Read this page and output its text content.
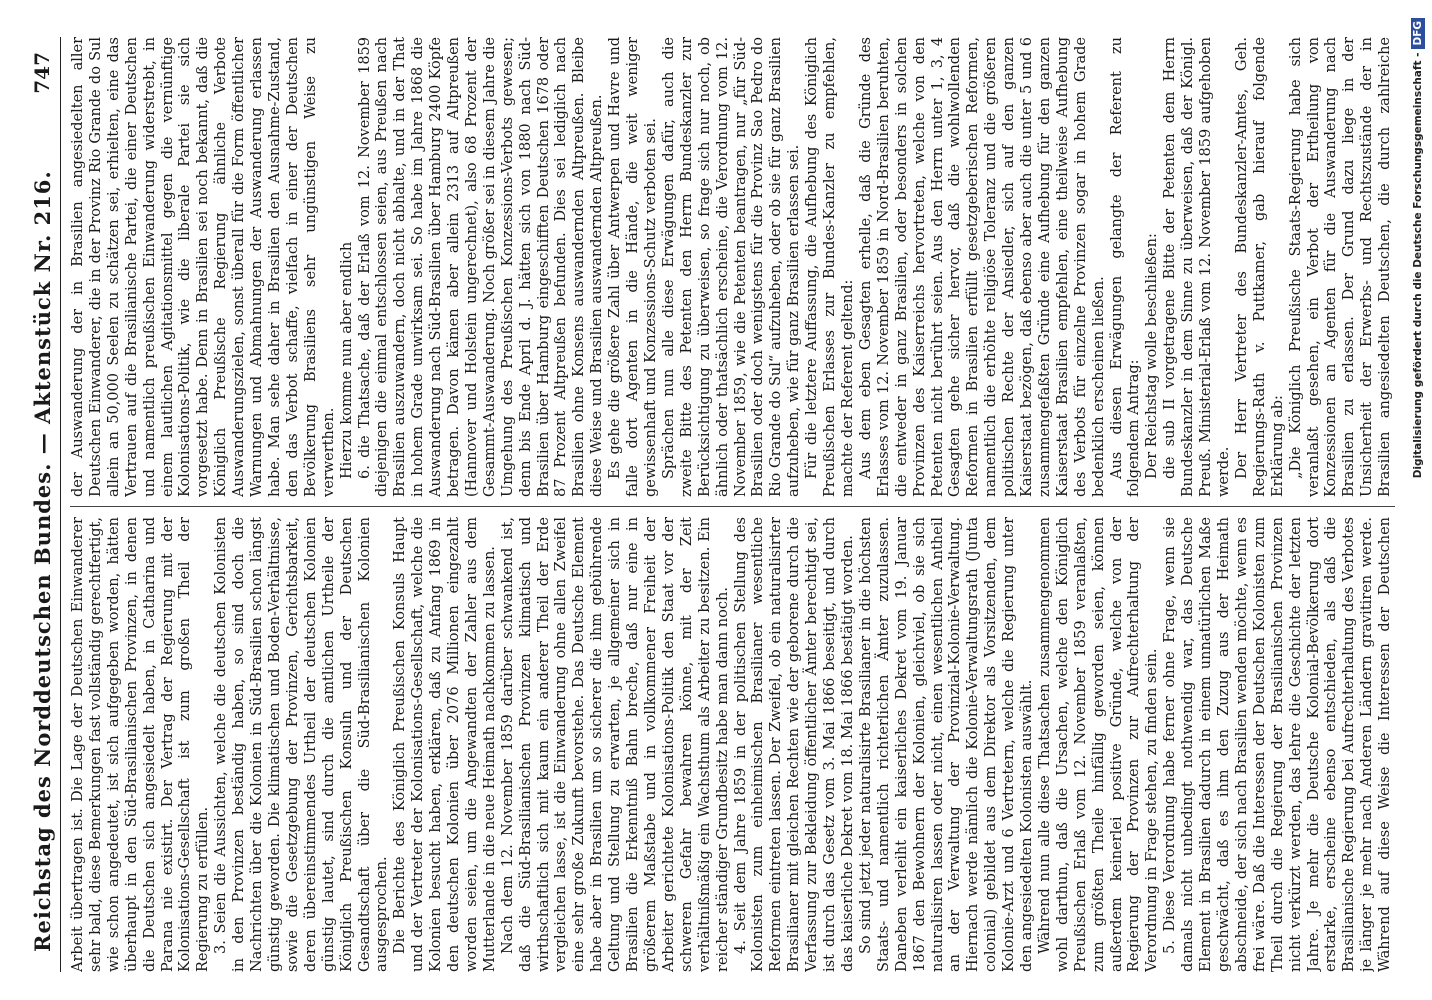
Reichstag des Norddeutschen Bundes. — Aktenstück Nr. 216.
747

Arbeit übertragen ist. Die Lage der Deutschen Einwanderer sehr bald, diese Bemerkungen fast vollständig gerechtfertigt, wie schon angedeutet, ist sich aufgegeben worden, hätten überhaupt in den Süd-Brasilianischen Provinzen, in denen die Deutschen sich angesiedelt haben, in Catharina und Parana nie existirt. Der Vertrag der Regierung mit der Kolonisations-Gesellschaft ist zum großen Theil der Regierung zu erfüllen. 3. Seien die Aussichten, welche die deutschen Kolonisten in den Provinzen beständig haben, so sind doch die Nachrichten über die Kolonien in Süd-Brasilien schon längst günstig geworden. Die klimatischen und Boden-Verhältnisse, sowie die Gesetzgebung der Provinzen, Gerichtsbarkeit, deren übereinstimmendes Urtheil der deutschen Kolonien günstig lautet, sind durch die amtlichen Urtheile der Königlich Preußischen Konsuln und der Deutschen Gesandtschaft über die Süd-Brasilianischen Kolonien ausgesprochen. Die Berichte des Königlich Preußischen Konsuls Haupt und der Vertreter der Kolonisations-Gesellschaft, welche die Kolonien besucht haben, erklären, daß zu Anfang 1869 in den deutschen Kolonien über 2076 Millionen eingezahlt worden seien, um die Angewandten der Zahler aus dem Mutterlande in die neue Heimath nachkommen zu lassen. Nach dem 12. November 1859 darüber schwankend ist, daß die Süd-Brasilianischen Provinzen klimatisch und wirthschaftlich sich mit kaum ein anderer Theil der Erde vergleichen lasse, ist die Einwanderung ohne allen Zweifel eine sehr große Zukunft bevorstehe. Das Deutsche Element habe aber in Brasilien um so sicherer die ihm gebührende Geltung und Stellung zu erwarten, je allgemeiner sich in Brasilien die Erkenntniß Bahn breche, daß nur eine in größerem Maßstabe und in vollkommener Freiheit der Arbeiter gerichtete Kolonisations-Politik den Staat vor der schweren Gefahr bewahren könne, mit der Zeit verhältnißmäßig ein Wachsthum als Arbeiter zu besitzen. Ein reicher ständiger Grundbesitz habe man dann noch. 4. Seit dem Jahre 1859 in der politischen Stellung des Kolonisten zum einheimischen Brasilianer wesentliche Reformen eintreten lassen. Der Zweifel, ob ein naturalisirter Brasilianer mit gleichen Rechten wie der geborene durch die Verfassung zur Bekleidung öffentlicher Ämter berechtigt sei, ist durch das Gesetz vom 3. Mai 1866 beseitigt, und durch das kaiserliche Dekret vom 18. Mai 1866 bestätigt worden. So sind jetzt jeder naturalisirte Brasilianer in die höchsten Staats- und namentlich richterlichen Ämter zuzulassen. Daneben verleiht ein kaiserliches Dekret vom 19. Januar 1867 den Bewohnern der Kolonien, gleichviel, ob sie sich naturalisiren lassen oder nicht, einen wesentlichen Antheil an der Verwaltung der Provinzial-Kolonie-Verwaltung. Hiernach werde nämlich die Kolonie-Verwaltungsrath (Junta colonial) gebildet aus dem Direktor als Vorsitzenden, dem Kolonie-Arzt und 6 Vertretern, welche die Regierung unter den angesiedelten Kolonisten auswählt. Während nun alle diese Thatsachen zusammengenommen wohl darthun, daß die Ursachen, welche den Königlich Preußischen Erlaß vom 12. November 1859 veranlaßten, zum größten Theile hinfällig geworden seien, können außerdem keinerlei positive Gründe, welche von der Regierung der Provinzen zur Aufrechterhaltung der Verordnung in Frage stehen, zu finden sein. 5. Diese Verordnung habe ferner ohne Frage, wenn sie damals nicht unbedingt nothwendig war, das Deutsche Element in Brasilien dadurch in einem unnatürlichen Maße geschwächt, daß es ihm den Zuzug aus der Heimath abschneide, der sich nach Brasilien wenden möchte, wenn es frei wäre. Daß die Interessen der Deutschen Kolonisten zum Theil durch die Regierung der Brasilianischen Provinzen nicht verkürzt werden, das lehre die Geschichte der letzten Jahre. Je mehr die Deutsche Kolonial-Bevölkerung dort erstarke, erscheine ebenso entschieden, als daß die Brasilianische Regierung bei Aufrechterhaltung des Verbotes je länger je mehr nach Anderen Ländern gravitiren werde. Während auf diese Weise die Interessen der Deutschen

der Auswanderung der in Brasilien angesiedelten aller Deutschen Einwanderer, die in der Provinz Rio Grande do Sul allein an 50,000 Seelen zu schätzen sei, erhielten, eine das Vertrauen auf die Brasilianische Partei, die einer Deutschen und namentlich preußischen Einwanderung widerstrebt, in einem lautlichen Agitationsmittel gegen die vernünftige Kolonisations-Politik, wie die liberale Partei sie sich vorgesetzt habe. Denn in Brasilien sei noch bekannt, daß die Königlich Preußische Regierung ähnliche Verbote Auswanderungszielen, sonst überall für die Form öffentlicher Warnungen und Abmahnungen der Auswanderung erlassen habe. Man sehe daher in Brasilien den Ausnahme-Zustand, den das Verbot schaffe, vielfach in einer der Deutschen Bevölkerung Brasiliens sehr ungünstigen Weise zu verwerthen. Hierzu komme nun aber endlich 6. die Thatsache, daß der Erlaß vom 12. November 1859 diejenigen die einmal entschlossen seien, aus Preußen nach Brasilien auszuwandern, doch nicht abhalte, und in der That in hohem Grade unwirksam sei. So habe im Jahre 1868 die Auswanderung nach Süd-Brasilien über Hamburg 2400 Köpfe betragen. Davon kämen aber allein 2313 auf Altpreußen (Hannover und Holstein ungerechnet), also 68 Prozent der Gesammt-Auswanderung. Noch größer sei in diesem Jahre die Umgehung des Preußischen Konzessions-Verbots gewesen; denn bis Ende April d. J. hätten sich von 1880 nach Süd-Brasilien über Hamburg eingeschifften Deutschen 1678 oder 87 Prozent Altpreußen befunden. Dies sei lediglich nach Brasilien ohne Konsens auswandernden Altpreußen. Bleibe diese Weise und Brasilien auswandernden Altpreußen. Es gehe die größere Zahl über Antwerpen und Havre und falle dort Agenten in die Hände, die weit weniger gewissenhaft und Konzessions-Schutz verboten sei. Sprächen nun alle diese Erwägungen dafür, auch die zweite Bitte des Petenten den Herrn Bundeskanzler zur Berücksichtigung zu überweisen, so frage sich nur noch, ob ähnlich oder thatsächlich erscheine, die Verordnung vom 12. November 1859, wie die Petenten beantragen, nur „für Süd-Brasilien oder doch wenigstens für die Provinz Sao Pedro do Rio Grande do Sul“ aufzuheben, oder ob sie für ganz Brasilien aufzuheben, wie für ganz Brasilien erlassen sei. Für die letztere Auffassung, die Aufhebung des Königlich Preußischen Erlasses zur Bundes-Kanzler zu empfehlen, machte der Referent geltend: Aus dem eben Gesagten erhelle, daß die Gründe des Erlasses vom 12. November 1859 in Nord-Brasilien beruhten, die entweder in ganz Brasilien, oder besonders in solchen Provinzen des Kaiserreichs hervortreten, welche von den Petenten nicht berührt seien. Aus den Herrn unter 1, 3, 4 Gesagten gehe sicher hervor, daß die wohlwollenden Reformen in Brasilien erfüllt gesetzgeberischen Reformen, namentlich die erhöhte religiöse Toleranz und die größeren politischen Rechte der Ansiedler, sich auf den ganzen Kaiserstaat bezögen, daß ebenso aber auch die unter 5 und 6 zusammengefaßten Gründe eine Aufhebung für den ganzen Kaiserstaat Brasilien empfehlen, eine theilweise Aufhebung des Verbots für einzelne Provinzen sogar in hohem Grade bedenklich erscheinen ließen. Aus diesen Erwägungen gelangte der Referent zu folgendem Antrag: Der Reichstag wolle beschließen: die sub II vorgetragene Bitte der Petenten dem Herrn Bundeskanzler in dem Sinne zu überweisen, daß der Königl. Preuß. Ministerial-Erlaß vom 12. November 1859 aufgehoben werde. Der Herr Vertreter des Bundeskanzler-Amtes, Geh. Regierungs-Rath v. Puttkamer, gab hierauf folgende Erklärung ab: „Die Königlich Preußische Staats-Regierung habe sich veranlaßt gesehen, ein Verbot der Ertheilung von Konzessionen an Agenten für die Auswanderung nach Brasilien zu erlassen. Der Grund dazu liege in der Unsicherheit der Erwerbs- und Rechtszustände der in Brasilien angesiedelten Deutschen, die durch zahlreiche	Digitalisierung gefördert durch die Deutsche Forschungsgemeinschaft -DFG
